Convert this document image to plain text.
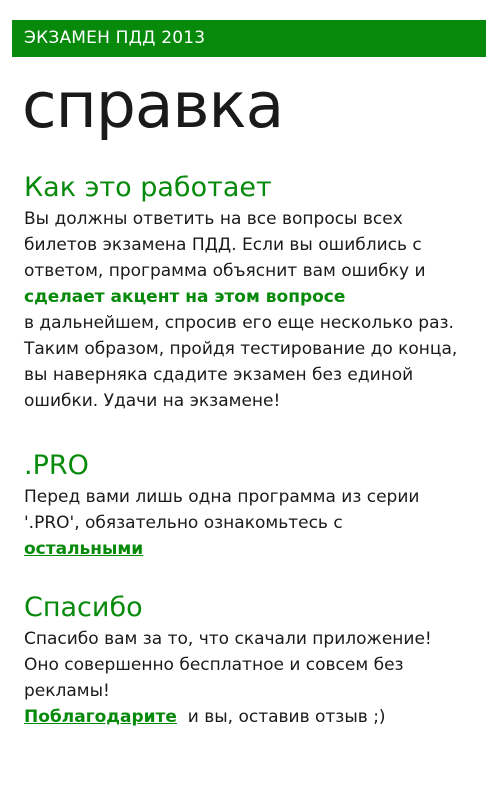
ЭКЗАМЕН ПДД 2013
справка
Как это работает

Вы должны ответить на все вопросы всех билетов экзамена ПДД. Если вы ошиблись с ответом, программа объяснит вам ошибку и
сделает акцент на этом вопросе
в дальнейшем, спросив его еще несколько раз. Таким образом, пройдя тестирование до конца, вы наверняка сдадите экзамен без единой ошибки. Удачи на экзамене!

.PRO

Перед вами лишь одна программа из серии '.PRO', обязательно ознакомьтесь с
остальными

Спасибо

Спасибо вам за то, что скачали приложение! Оно совершенно бесплатное и совсем без рекламы!
Поблагодарите  и вы, оставив отзыв ;)
